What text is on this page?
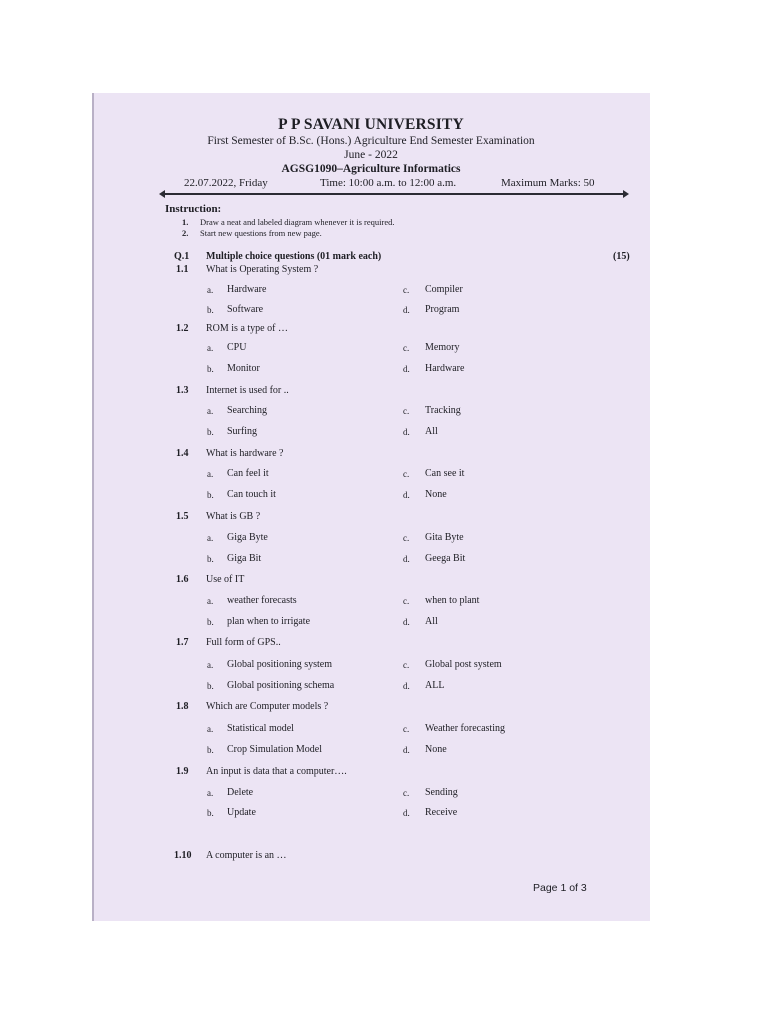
P P SAVANI UNIVERSITY
First Semester of B.Sc. (Hons.) Agriculture End Semester Examination
June - 2022
AGSG1090–Agriculture Informatics
22.07.2022, Friday	Time: 10:00 a.m. to 12:00 a.m.	Maximum Marks: 50
Instruction:
1. Draw a neat and labeled diagram whenever it is required.
2. Start new questions from new page.
Q.1 Multiple choice questions (01 mark each)	(15)
1.1 What is Operating System ?
a. Hardware	c. Compiler
b. Software	d. Program
1.2 ROM is a type of …
a. CPU	c. Memory
b. Monitor	d. Hardware
1.3 Internet is used for ..
a. Searching	c. Tracking
b. Surfing	d. All
1.4 What is hardware ?
a. Can feel it	c. Can see it
b. Can touch it	d. None
1.5 What is GB ?
a. Giga Byte	c. Gita Byte
b. Giga Bit	d. Geega Bit
1.6 Use of IT
a. weather forecasts	c. when to plant
b. plan when to irrigate	d. All
1.7 Full form of GPS..
a. Global positioning system	c. Global post system
b. Global positioning schema	d. ALL
1.8 Which are Computer models ?
a. Statistical model	c. Weather forecasting
b. Crop Simulation Model	d. None
1.9 An input is data that a computer….
a. Delete	c. Sending
b. Update	d. Receive
1.10 A computer is an …
Page 1 of 3
